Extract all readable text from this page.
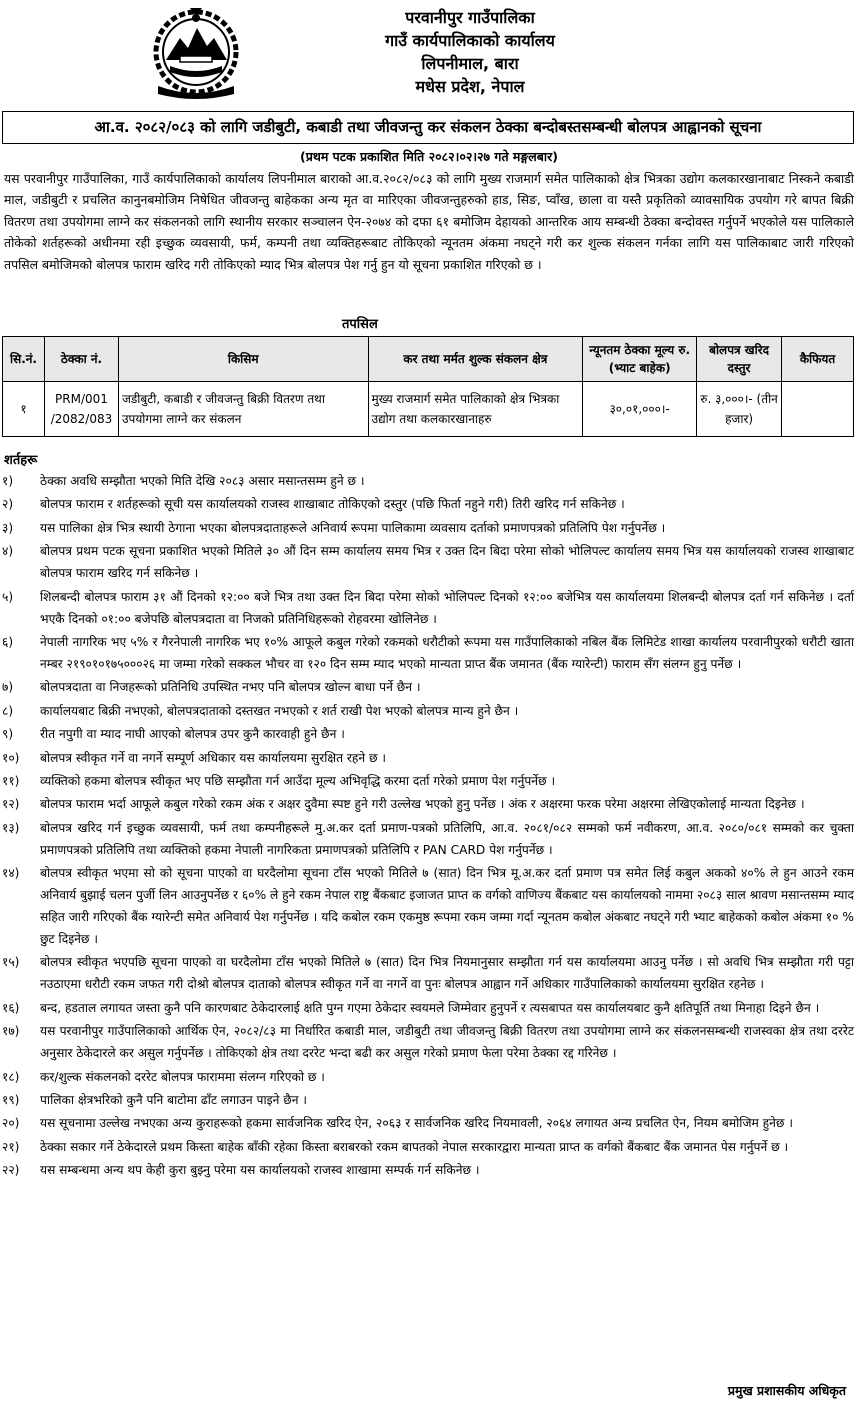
परवानीपुर गाउँपालिका
गाउँ कार्यपालिकाको कार्यालय
लिपनीमाल, बारा
मधेस प्रदेश, नेपाल
आ.व. २०८२/०८३ को लागि जडीबुटी, कबाडी तथा जीवजन्तु कर संकलन ठेक्का बन्दोबस्तसम्बन्धी बोलपत्र आह्वानको सूचना
(प्रथम पटक प्रकाशित मिति २०८२।०२।२७ गते मङ्गलबार)
यस परवानीपुर गाउँपालिका, गाउँ कार्यपालिकाको कार्यालय लिपनीमाल बाराको आ.व.२०८२/०८३ को लागि मुख्य राजमार्ग समेत पालिकाको क्षेत्र भित्रका उद्योग कलकारखानाबाट निस्कने कबाडी माल, जडीबुटी र प्रचलित कानुनबमोजिम निषेधित जीवजन्तु बाहेकका अन्य मृत वा मारिएका जीवजन्तुहरुको हाड, सिङ, प्वाँख, छाला वा यस्तै प्रकृतिको व्यावसायिक उपयोग गरे बापत बिक्री वितरण तथा उपयोगमा लाग्ने कर संकलनको लागि स्थानीय सरकार सञ्चालन ऐन-२०७४ को दफा ६१ बमोजिम देहायको आन्तरिक आय सम्बन्धी ठेक्का बन्दोवस्त गर्नुपर्ने भएकोले यस पालिकाले तोकेको शर्तहरूको अधीनमा रही इच्छुक व्यवसायी, फर्म, कम्पनी तथा व्यक्तिहरूबाट तोकिएको न्यूनतम अंकमा नघट्ने गरी कर शुल्क संकलन गर्नका लागि यस पालिकाबाट जारी गरिएको तपसिल बमोजिमको बोलपत्र फाराम खरिद गरी तोकिएको म्याद भित्र बोलपत्र पेश गर्नु हुन यो सूचना प्रकाशित गरिएको छ ।
तपसिल
सि.नं.	ठेक्का नं.	किसिम	कर तथा मर्मत शुल्क संकलन क्षेत्र	न्यूनतम ठेक्का मूल्य रु. (भ्याट बाहेक)	बोलपत्र खरिद दस्तुर	कैफियत
१	PRM/001 /2082/083	जडीबुटी, कबाडी र जीवजन्तु बिक्री वितरण तथा उपयोगमा लाग्ने कर संकलन	मुख्य राजमार्ग समेत पालिकाको क्षेत्र भित्रका उद्योग तथा कलकारखानाहरु	३०,०१,०००।-	रु. ३,०००।- (तीन हजार)	
शर्तहरू
१)	ठेक्का अवधि सम्झौता भएको मिति देखि २०८३ असार मसान्तसम्म हुने छ ।
२)	बोलपत्र फाराम र शर्तहरूको सूची यस कार्यालयको राजस्व शाखाबाट तोकिएको दस्तुर (पछि फिर्ता नहुने गरी) तिरी खरिद गर्न सकिनेछ ।
३)	यस पालिका क्षेत्र भित्र स्थायी ठेगाना भएका बोलपत्रदाताहरूले अनिवार्य रूपमा पालिकामा व्यवसाय दर्ताको प्रमाणपत्रको प्रतिलिपि पेश गर्नुपर्नेछ ।
४)	बोलपत्र प्रथम पटक सूचना प्रकाशित भएको मितिले ३० औं दिन सम्म कार्यालय समय भित्र र उक्त दिन बिदा परेमा सोको भोलिपल्ट कार्यालय समय भित्र यस कार्यालयको राजस्व शाखाबाट बोलपत्र फाराम खरिद गर्न सकिनेछ ।
५)	शिलबन्दी बोलपत्र फाराम ३१ औं दिनको १२:०० बजे भित्र तथा उक्त दिन बिदा परेमा सोको भोलिपल्ट दिनको १२:०० बजेभित्र यस कार्यालयमा शिलबन्दी बोलपत्र दर्ता गर्न सकिनेछ । दर्ता भएकै दिनको ०१:०० बजेपछि बोलपत्रदाता वा निजको प्रतिनिधिहरूको रोहवरमा खोलिनेछ ।
६)	नेपाली नागरिक भए ५% र गैरनेपाली नागरिक भए १०% आफूले कबुल गरेको रकमको धरौटीको रूपमा यस गाउँपालिकाको नबिल बैंक लिमिटेड शाखा कार्यालय परवानीपुरको धरौटी खाता नम्बर २१९०१०१७५०००२६ मा जम्मा गरेको सक्कल भौचर वा १२० दिन सम्म म्याद भएको मान्यता प्राप्त बैंक जमानत (बैंक ग्यारेन्टी) फाराम सँग संलग्न हुनु पर्नेछ ।
७)	बोलपत्रदाता वा निजहरूको प्रतिनिधि उपस्थित नभए पनि बोलपत्र खोल्न बाधा पर्ने छैन ।
८)	कार्यालयबाट बिक्री नभएको, बोलपत्रदाताको दस्तखत नभएको र शर्त राखी पेश भएको बोलपत्र मान्य हुने छैन ।
९)	रीत नपुगी वा म्याद नाघी आएको बोलपत्र उपर कुनै कारवाही हुने छैन ।
१०)	बोलपत्र स्वीकृत गर्ने वा नगर्ने सम्पूर्ण अधिकार यस कार्यालयमा सुरक्षित रहने छ ।
११)	व्यक्तिको हकमा बोलपत्र स्वीकृत भए पछि सम्झौता गर्न आउँदा मूल्य अभिवृद्धि करमा दर्ता गरेको प्रमाण पेश गर्नुपर्नेछ ।
१२)	बोलपत्र फाराम भर्दा आफूले कबुल गरेको रकम अंक र अक्षर दुवैमा स्पष्ट हुने गरी उल्लेख भएको हुनु पर्नेछ । अंक र अक्षरमा फरक परेमा अक्षरमा लेखिएकोलाई मान्यता दिइनेछ ।
१३)	बोलपत्र खरिद गर्न इच्छुक व्यवसायी, फर्म तथा कम्पनीहरूले मु.अ.कर दर्ता प्रमाण-पत्रको प्रतिलिपि, आ.व. २०८१/०८२ सम्मको फर्म नवीकरण, आ.व. २०८०/०८१ सम्मको कर चुक्ता प्रमाणपत्रको प्रतिलिपि तथा व्यक्तिको हकमा नेपाली नागरिकता प्रमाणपत्रको प्रतिलिपि र PAN CARD पेश गर्नुपर्नेछ ।
१४)	बोलपत्र स्वीकृत भएमा सो को सूचना पाएको वा घरदैलोमा सूचना टाँस भएको मितिले ७ (सात) दिन भित्र मू.अ.कर दर्ता प्रमाण पत्र समेत लिई कबुल अकको ४०% ले हुन आउने रकम अनिवार्य बुझाई चलन पुर्जी लिन आउनुपर्नेछ र ६०% ले हुने रकम नेपाल राष्ट्र बैंकबाट इजाजत प्राप्त क वर्गको वाणिज्य बैंकबाट यस कार्यालयको नाममा २०८३ साल श्रावण मसान्तसम्म म्याद सहित जारी गरिएको बैंक ग्यारेन्टी समेत अनिवार्य पेश गर्नुपर्नेछ । यदि कबोल रकम एकमुष्ठ रूपमा रकम जम्मा गर्दा न्यूनतम कबोल अंकबाट नघट्ने गरी भ्याट बाहेकको कबोल अंकमा १० % छुट दिइनेछ ।
१५)	बोलपत्र स्वीकृत भएपछि सूचना पाएको वा घरदैलोमा टाँस भएको मितिले ७ (सात) दिन भित्र नियमानुसार सम्झौता गर्न यस कार्यालयमा आउनु पर्नेछ । सो अवधि भित्र सम्झौता गरी पट्टा नउठाएमा धरौटी रकम जफत गरी दोश्रो बोलपत्र दाताको बोलपत्र स्वीकृत गर्ने वा नगर्ने वा पुनः बोलपत्र आह्वान गर्ने अधिकार गाउँपालिकाको कार्यालयमा सुरक्षित रहनेछ ।
१६)	बन्द, हडताल लगायत जस्ता कुनै पनि कारणबाट ठेकेदारलाई क्षति पुग्न गएमा ठेकेदार स्वयमले जिम्मेवार हुनुपर्ने र त्यसबापत यस कार्यालयबाट कुनै क्षतिपूर्ति तथा मिनाहा दिइने छैन ।
१७)	यस परवानीपुर गाउँपालिकाको आर्थिक ऐन, २०८२/८३ मा निर्धारित कबाडी माल, जडीबुटी तथा जीवजन्तु बिक्री वितरण तथा उपयोगमा लाग्ने कर संकलनसम्बन्धी राजस्वका क्षेत्र तथा दररेट अनुसार ठेकेदारले कर असुल गर्नुपर्नेछ । तोकिएको क्षेत्र तथा दररेट भन्दा बढी कर असुल गरेको प्रमाण फेला परेमा ठेक्का रद्द गरिनेछ ।
१८)	कर/शुल्क संकलनको दररेट बोलपत्र फाराममा संलग्न गरिएको छ ।
१९)	पालिका क्षेत्रभरिको कुनै पनि बाटोमा ढाँट लगाउन पाइने छैन ।
२०)	यस सूचनामा उल्लेख नभएका अन्य कुराहरूको हकमा सार्वजनिक खरिद ऐन, २०६३ र सार्वजनिक खरिद नियमावली, २०६४ लगायत अन्य प्रचलित ऐन, नियम बमोजिम हुनेछ ।
२१)	ठेक्का सकार गर्ने ठेकेदारले प्रथम किस्ता बाहेक बाँकी रहेका किस्ता बराबरको रकम बापतको नेपाल सरकारद्वारा मान्यता प्राप्त क वर्गको बैंकबाट बैंक जमानत पेस गर्नुपर्ने छ ।
२२)	यस सम्बन्धमा अन्य थप केही कुरा बुझ्नु परेमा यस कार्यालयको राजस्व शाखामा सम्पर्क गर्न सकिनेछ ।
प्रमुख प्रशासकीय अधिकृत
